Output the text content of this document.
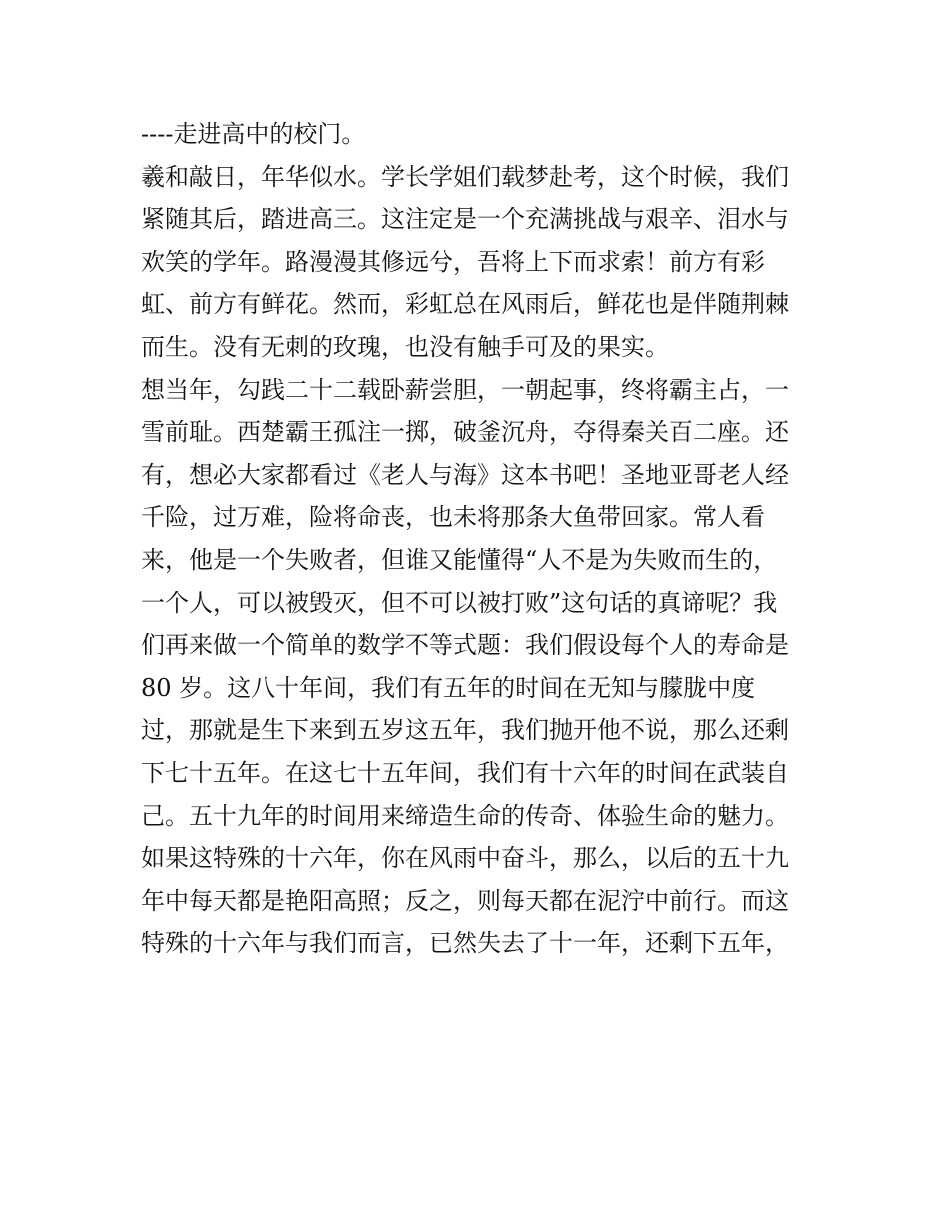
----走进高中的校门。
羲和敲日，年华似水。学长学姐们载梦赴考，这个时候，我们
紧随其后，踏进高三。这注定是一个充满挑战与艰辛、泪水与
欢笑的学年。路漫漫其修远兮，吾将上下而求索！前方有彩
虹、前方有鲜花。然而，彩虹总在风雨后，鲜花也是伴随荆棘
而生。没有无刺的玫瑰，也没有触手可及的果实。
想当年，勾践二十二载卧薪尝胆，一朝起事，终将霸主占，一
雪前耻。西楚霸王孤注一掷，破釜沉舟，夺得秦关百二座。还
有，想必大家都看过《老人与海》这本书吧！圣地亚哥老人经
千险，过万难，险将命丧，也未将那条大鱼带回家。常人看
来，他是一个失败者，但谁又能懂得“人不是为失败而生的，
一个人，可以被毁灭，但不可以被打败”这句话的真谛呢？我
们再来做一个简单的数学不等式题：我们假设每个人的寿命是
80 岁。这八十年间，我们有五年的时间在无知与朦胧中度
过，那就是生下来到五岁这五年，我们抛开他不说，那么还剩
下七十五年。在这七十五年间，我们有十六年的时间在武装自
己。五十九年的时间用来缔造生命的传奇、体验生命的魅力。
如果这特殊的十六年，你在风雨中奋斗，那么，以后的五十九
年中每天都是艳阳高照；反之，则每天都在泥泞中前行。而这
特殊的十六年与我们而言，已然失去了十一年，还剩下五年，
